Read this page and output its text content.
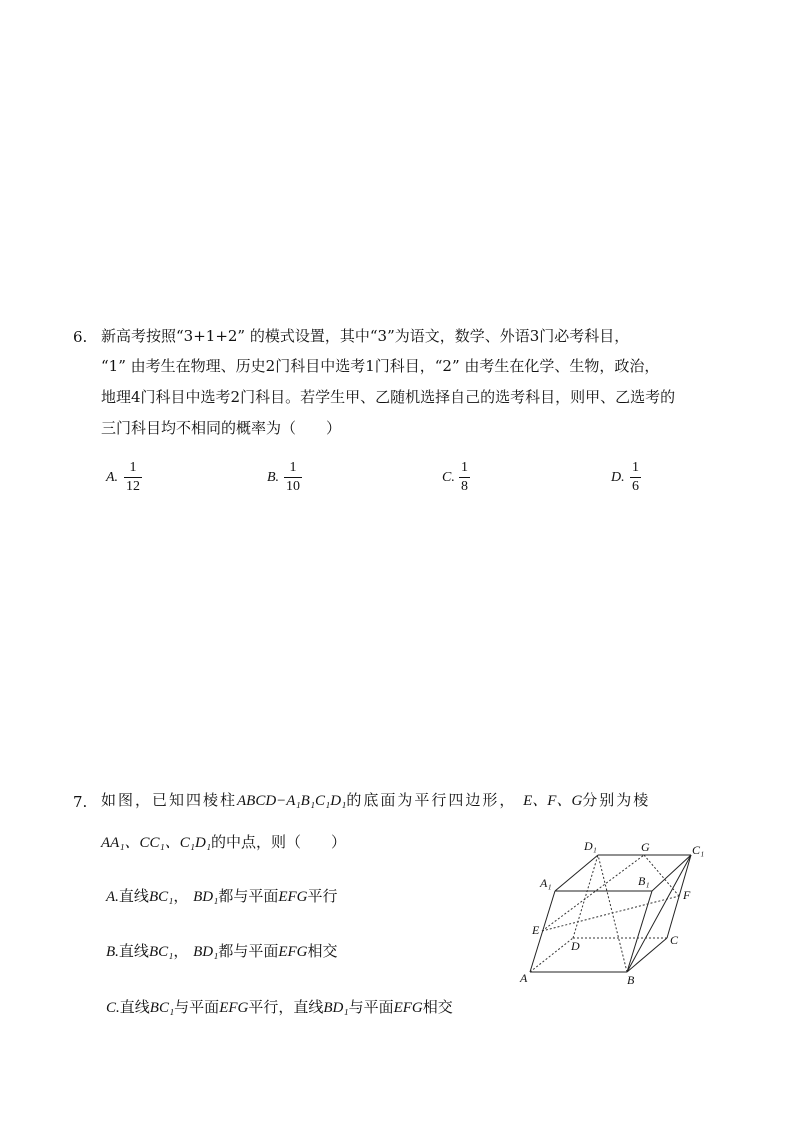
6. 新高考按照“3+1+2” 的模式设置，其中“3”为语文，数学、外语3门必考科目，
“1” 由考生在物理、历史2门科目中选考1门科目，“2” 由考生在化学、生物，政治，
地理4门科目中选考2门科目。若学生甲、乙随机选择自己的选考科目，则甲、乙选考的
三门科目均不相同的概率为（　　）
A.
1
12
B.
1
10
C.
1
8
D.
1
6
7. 如图，已知四棱柱ABCD−A₁B₁C₁D₁的底面为平行四边形， E、F、G分别为棱
AA₁、CC₁、C₁D₁的中点，则（　　）
A.直线BC₁， BD₁都与平面EFG平行
B.直线BC₁， BD₁都与平面EFG相交
C.直线BC₁与平面EFG平行，直线BD₁与平面EFG相交
D₁	G	C₁
A₁	B₁
F
E
D	C
A	B
